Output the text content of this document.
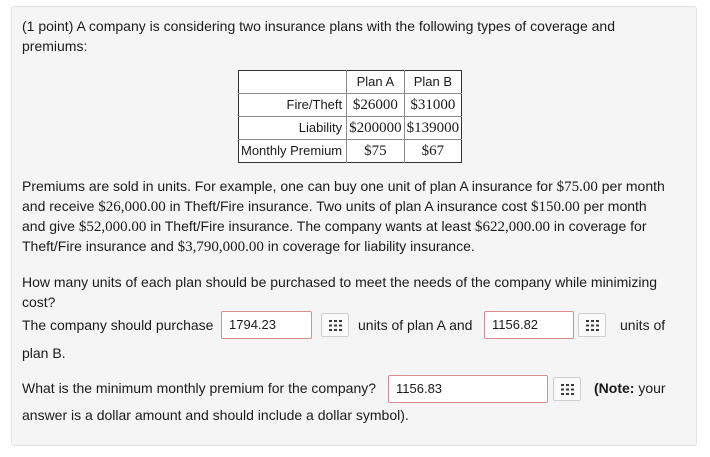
(1 point) A company is considering two insurance plans with the following types of coverage and

premiums:

	Plan A	Plan B
Fire/Theft	$26000	$31000
Liability	$200000	$139000
Monthly Premium	$75	$67

Premiums are sold in units. For example, one can buy one unit of plan A insurance for $75.00 per month

and receive $26,000.00 in Theft/Fire insurance. Two units of plan A insurance cost $150.00 per month

and give $52,000.00 in Theft/Fire insurance. The company wants at least $622,000.00 in coverage for

Theft/Fire insurance and $3,790,000.00 in coverage for liability insurance.

How many units of each plan should be purchased to meet the needs of the company while minimizing

cost?

The company should purchase	1794.23	units of plan A and	1156.82	units of

plan B.

What is the minimum monthly premium for the company?	1156.83	(Note: your

answer is a dollar amount and should include a dollar symbol).
